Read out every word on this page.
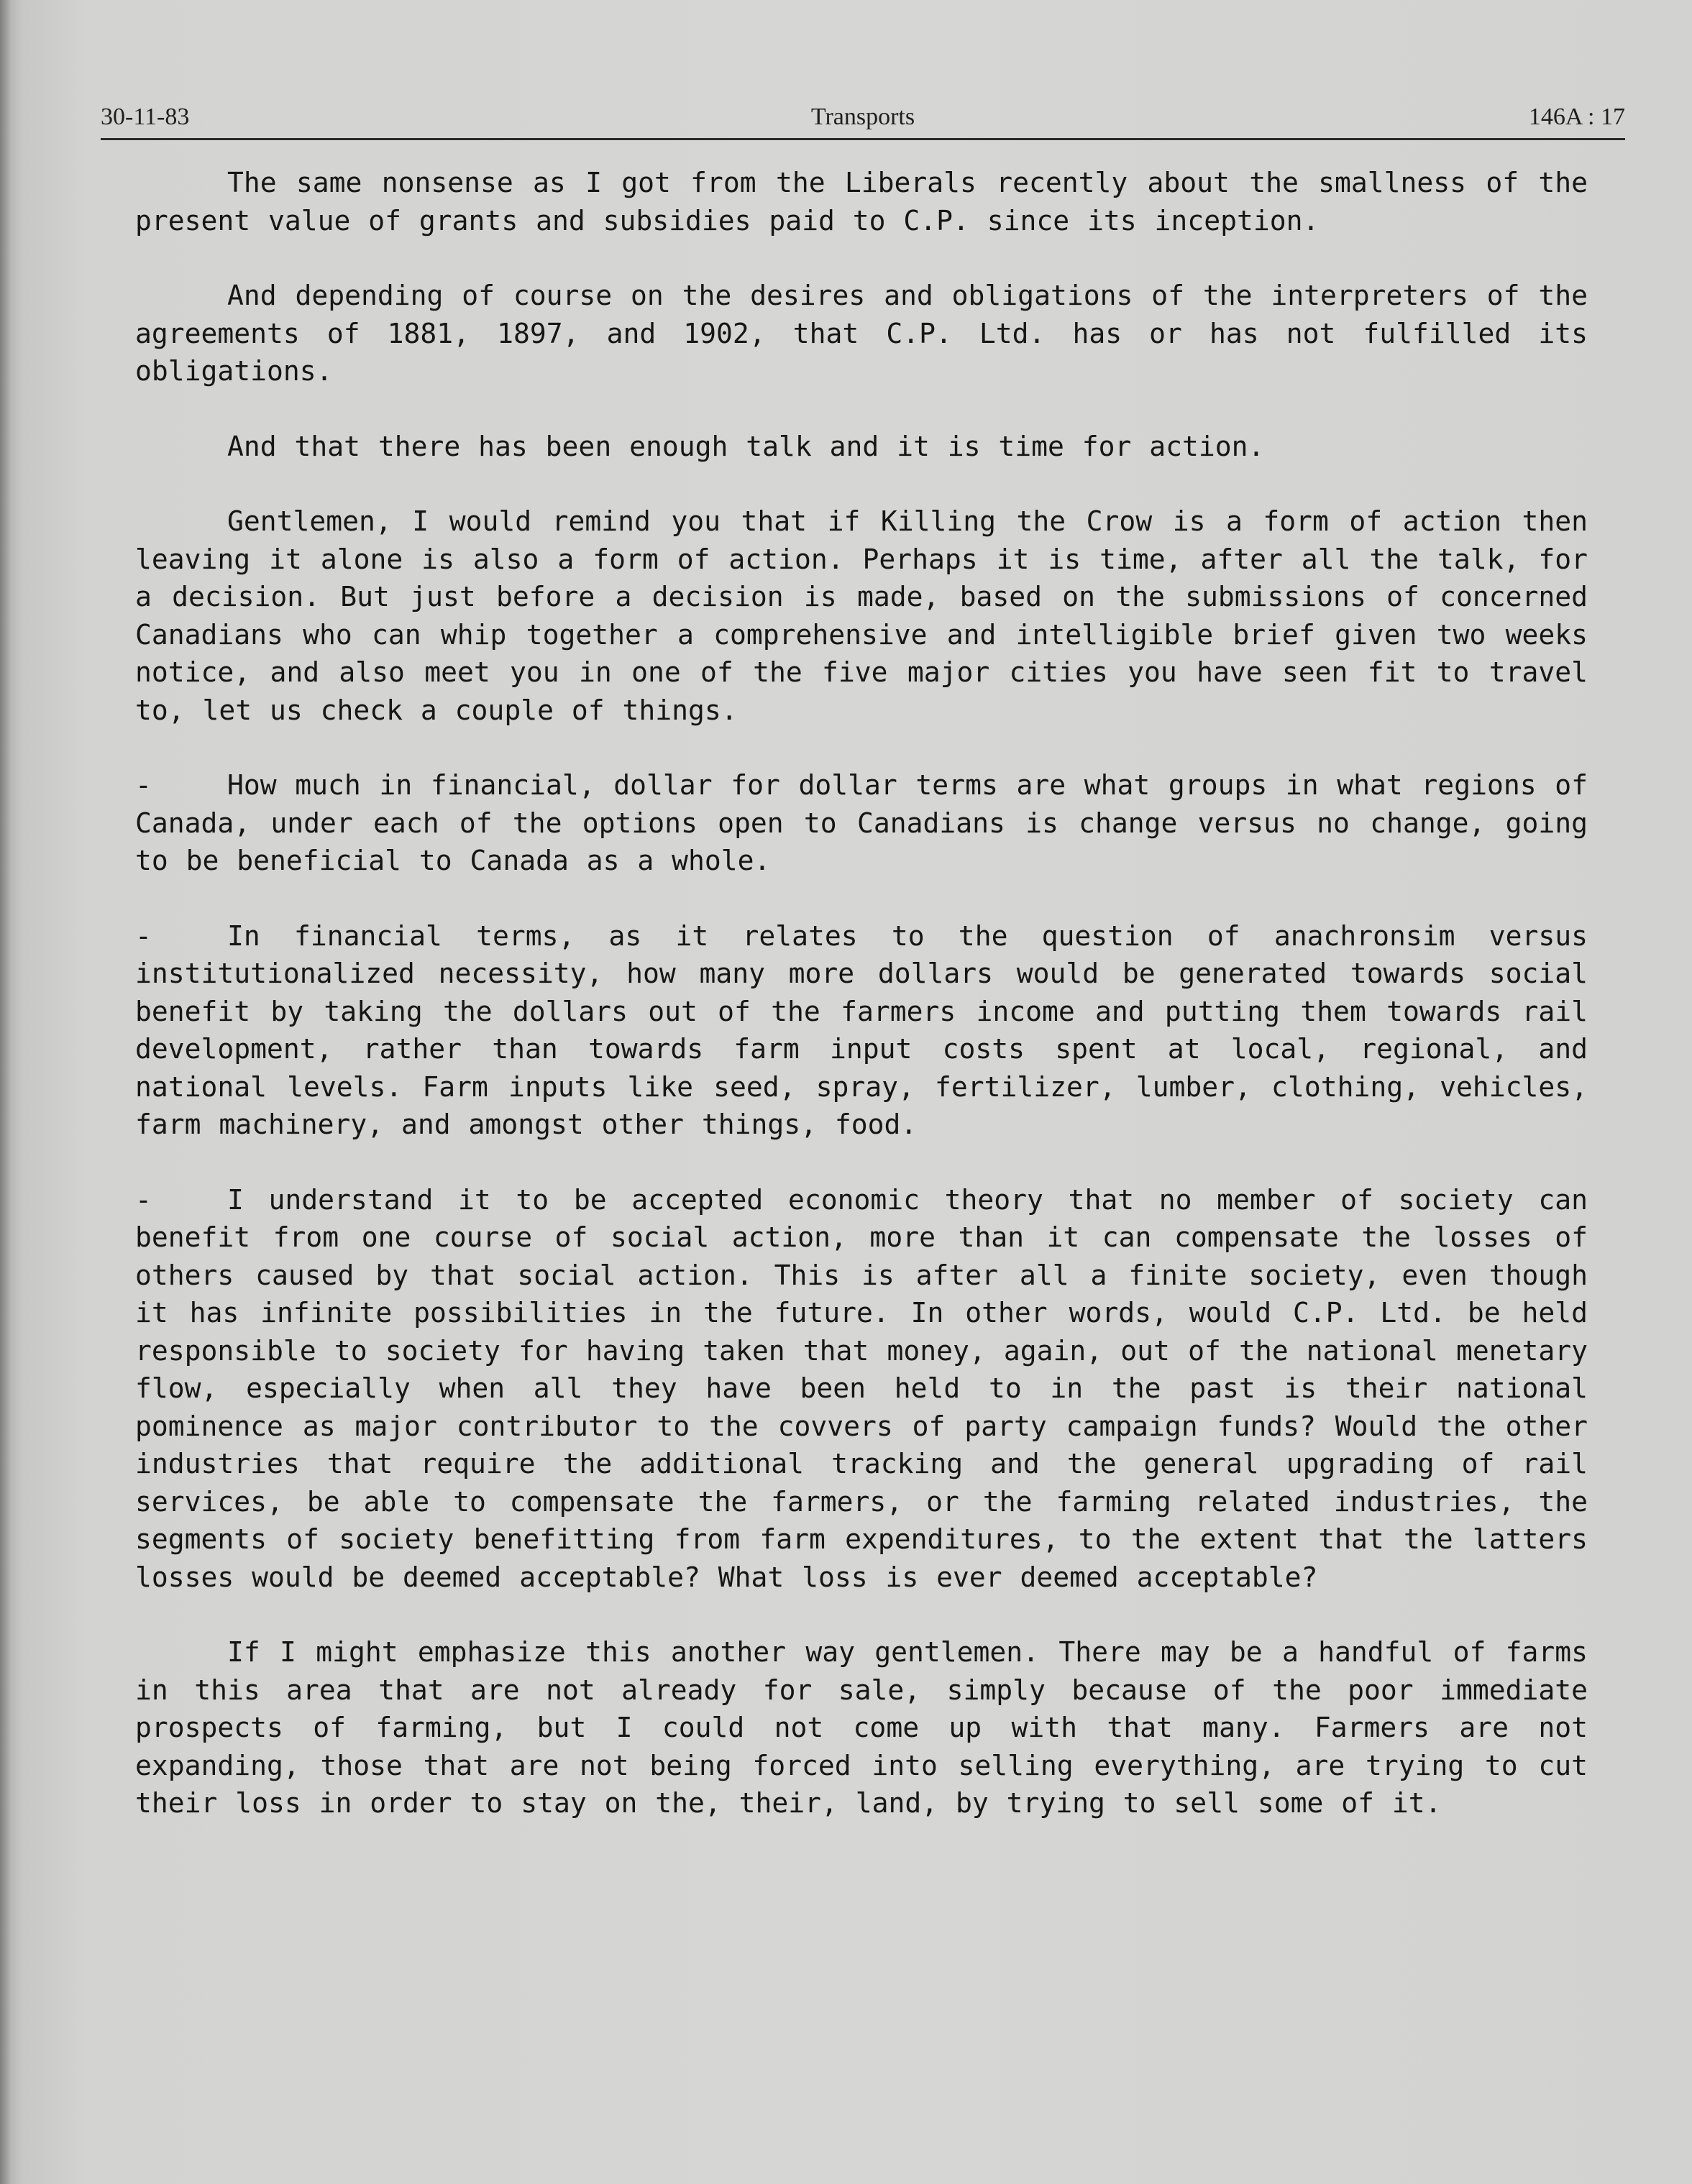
30-11-83	Transports	146A : 17

The same nonsense as I got from the Liberals recently about the smallness of the present value of grants and subsidies paid to C.P. since its inception.

And depending of course on the desires and obligations of the interpreters of the agreements of 1881, 1897, and 1902, that C.P. Ltd. has or has not fulfilled its obligations.

And that there has been enough talk and it is time for action.

Gentlemen, I would remind you that if Killing the Crow is a form of action then leaving it alone is also a form of action. Perhaps it is time, after all the talk, for a decision. But just before a decision is made, based on the submissions of concerned Canadians who can whip together a comprehensive and intelligible brief given two weeks notice, and also meet you in one of the five major cities you have seen fit to travel to, let us check a couple of things.

-	How much in financial, dollar for dollar terms are what groups in what regions of Canada, under each of the options open to Canadians is change versus no change, going to be beneficial to Canada as a whole.

-	In financial terms, as it relates to the question of anachronsim versus institutionalized necessity, how many more dollars would be generated towards social benefit by taking the dollars out of the farmers income and putting them towards rail development, rather than towards farm input costs spent at local, regional, and national levels. Farm inputs like seed, spray, fertilizer, lumber, clothing, vehicles, farm machinery, and amongst other things, food.

-	I understand it to be accepted economic theory that no member of society can benefit from one course of social action, more than it can compensate the losses of others caused by that social action. This is after all a finite society, even though it has infinite possibilities in the future. In other words, would C.P. Ltd. be held responsible to society for having taken that money, again, out of the national menetary flow, especially when all they have been held to in the past is their national pominence as major contributor to the covvers of party campaign funds? Would the other industries that require the additional tracking and the general upgrading of rail services, be able to compensate the farmers, or the farming related industries, the segments of society benefitting from farm expenditures, to the extent that the latters losses would be deemed acceptable? What loss is ever deemed acceptable?

If I might emphasize this another way gentlemen. There may be a handful of farms in this area that are not already for sale, simply because of the poor immediate prospects of farming, but I could not come up with that many. Farmers are not expanding, those that are not being forced into selling everything, are trying to cut their loss in order to stay on the, their, land, by trying to sell some of it.
